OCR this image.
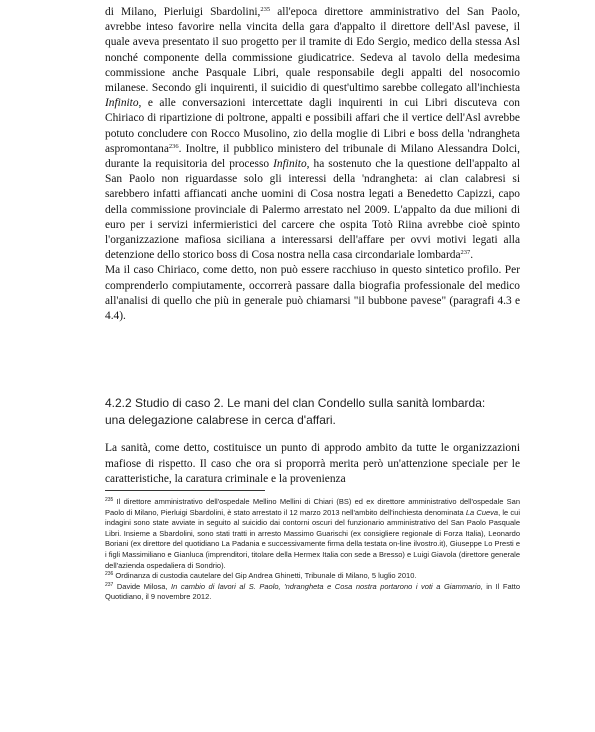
di Milano, Pierluigi Sbardolini,$^{235}$ all'epoca direttore amministrativo del San Paolo, avrebbe inteso favorire nella vincita della gara d'appalto il direttore dell'Asl pavese, il quale aveva presentato il suo progetto per il tramite di Edo Sergio, medico della stessa Asl nonché componente della commissione giudicatrice. Sedeva al tavolo della medesima commissione anche Pasquale Libri, quale responsabile degli appalti del nosocomio milanese. Secondo gli inquirenti, il suicidio di quest'ultimo sarebbe collegato all'inchiesta Infinito, e alle conversazioni intercettate dagli inquirenti in cui Libri discuteva con Chiriaco di ripartizione di poltrone, appalti e possibili affari che il vertice dell'Asl avrebbe potuto concludere con Rocco Musolino, zio della moglie di Libri e boss della 'ndrangheta aspromontana$^{236}$. Inoltre, il pubblico ministero del tribunale di Milano Alessandra Dolci, durante la requisitoria del processo Infinito, ha sostenuto che la questione dell'appalto al San Paolo non riguardasse solo gli interessi della 'ndrangheta: ai clan calabresi si sarebbero infatti affiancati anche uomini di Cosa nostra legati a Benedetto Capizzi, capo della commissione provinciale di Palermo arrestato nel 2009. L'appalto da due milioni di euro per i servizi infermieristici del carcere che ospita Totò Riina avrebbe cioè spinto l'organizzazione mafiosa siciliana a interessarsi dell'affare per ovvi motivi legati alla detenzione dello storico boss di Cosa nostra nella casa circondariale lombarda$^{237}$.

Ma il caso Chiriaco, come detto, non può essere racchiuso in questo sintetico profilo. Per comprenderlo compiutamente, occorrerà passare dalla biografia professionale del medico all'analisi di quello che più in generale può chiamarsi "il bubbone pavese" (paragrafi 4.3 e 4.4).

4.2.2 Studio di caso 2. Le mani del clan Condello sulla sanità lombarda: una delegazione calabrese in cerca d'affari.

La sanità, come detto, costituisce un punto di approdo ambito da tutte le organizzazioni mafiose di rispetto. Il caso che ora si proporrà merita però un'attenzione speciale per le caratteristiche, la caratura criminale e la provenienza

$^{235}$ Il direttore amministrativo dell'ospedale Mellino Mellini di Chiari (BS) ed ex direttore amministrativo dell'ospedale San Paolo di Milano, Pierluigi Sbardolini, è stato arrestato il 12 marzo 2013 nell'ambito dell'inchiesta denominata La Cueva, le cui indagini sono state avviate in seguito al suicidio dai contorni oscuri del funzionario amministrativo del San Paolo Pasquale Libri. Insieme a Sbardolini, sono stati tratti in arresto Massimo Guarischi (ex consigliere regionale di Forza Italia), Leonardo Boriani (ex direttore del quotidiano La Padania e successivamente firma della testata on-line ilvostro.it), Giuseppe Lo Presti e i figli Massimiliano e Gianluca (imprenditori, titolare della Hermex Italia con sede a Bresso) e Luigi Giavola (direttore generale dell'azienda ospedaliera di Sondrio).

$^{236}$ Ordinanza di custodia cautelare del Gip Andrea Ghinetti, Tribunale di Milano, 5 luglio 2010.

$^{237}$ Davide Milosa, In cambio di lavori al S. Paolo, 'ndrangheta e Cosa nostra portarono i voti a Giammario, in Il Fatto Quotidiano, il 9 novembre 2012.
